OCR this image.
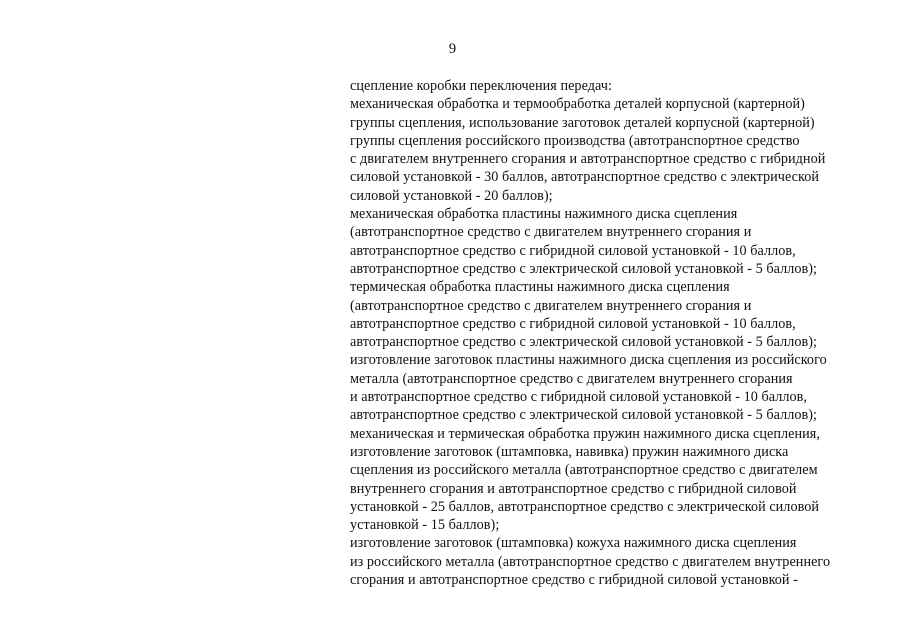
9
сцепление коробки переключения передач:
механическая обработка и термообработка деталей корпусной (картерной)
группы сцепления, использование заготовок деталей корпусной (картерной)
группы сцепления российского производства (автотранспортное средство
с двигателем внутреннего сгорания и автотранспортное средство с гибридной
силовой установкой - 30 баллов, автотранспортное средство с электрической
силовой установкой - 20 баллов);
механическая обработка пластины нажимного диска сцепления
(автотранспортное средство с двигателем внутреннего сгорания и
автотранспортное средство с гибридной силовой установкой - 10 баллов,
автотранспортное средство с электрической силовой установкой - 5 баллов);
термическая обработка пластины нажимного диска сцепления
(автотранспортное средство с двигателем внутреннего сгорания и
автотранспортное средство с гибридной силовой установкой - 10 баллов,
автотранспортное средство с электрической силовой установкой - 5 баллов);
изготовление заготовок пластины нажимного диска сцепления из российского
металла (автотранспортное средство с двигателем внутреннего сгорания
и автотранспортное средство с гибридной силовой установкой - 10 баллов,
автотранспортное средство с электрической силовой установкой - 5 баллов);
механическая и термическая обработка пружин нажимного диска сцепления,
изготовление заготовок (штамповка, навивка) пружин нажимного диска
сцепления из российского металла (автотранспортное средство с двигателем
внутреннего сгорания и автотранспортное средство с гибридной силовой
установкой - 25 баллов, автотранспортное средство с электрической силовой
установкой - 15 баллов);
изготовление заготовок (штамповка) кожуха нажимного диска сцепления
из российского металла (автотранспортное средство с двигателем внутреннего
сгорания и автотранспортное средство с гибридной силовой установкой -
